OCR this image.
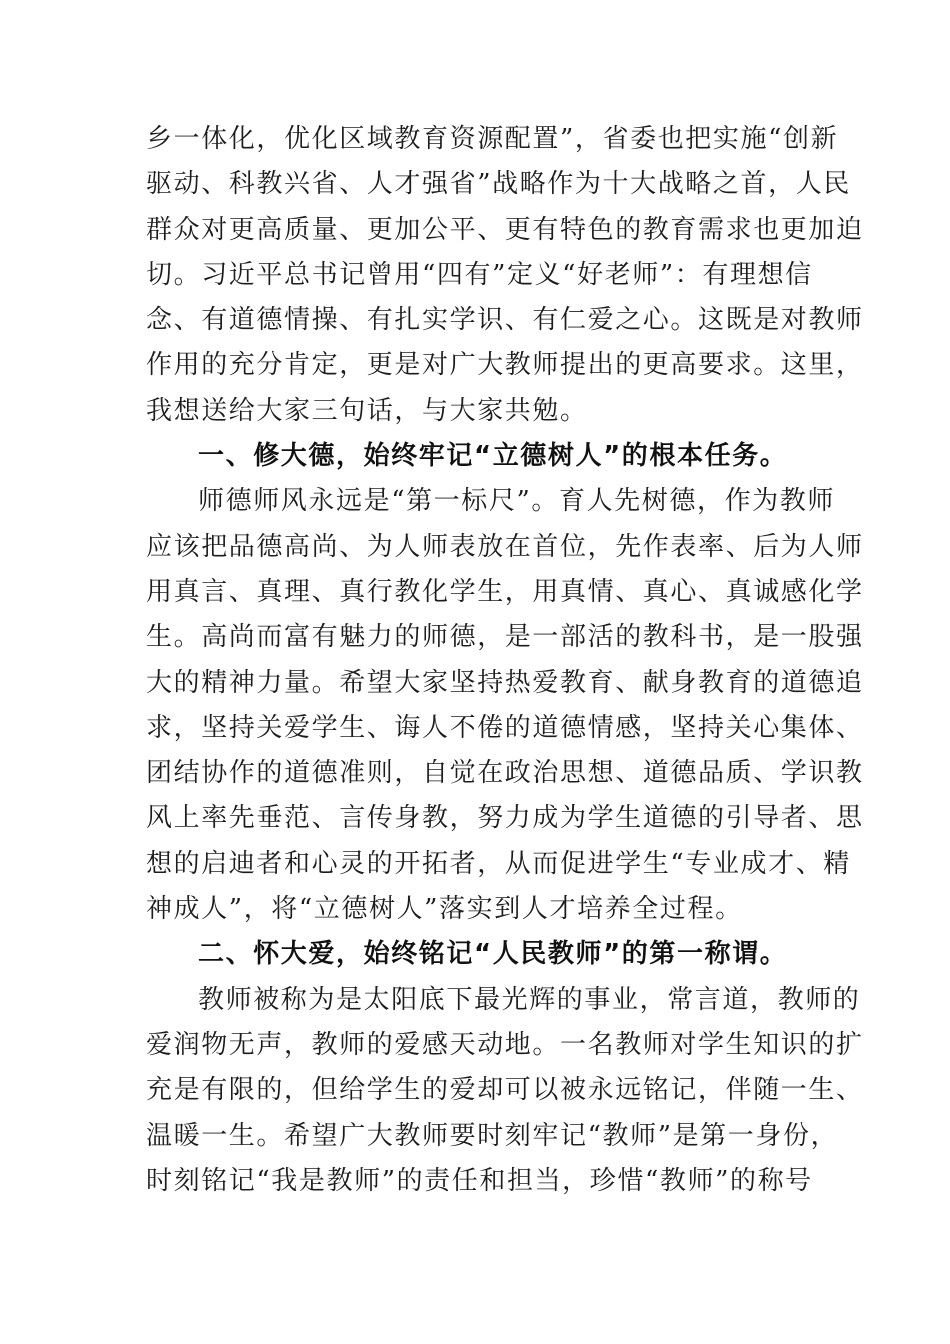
乡一体化，优化区域教育资源配置”，省委也把实施“创新
驱动、科教兴省、人才强省”战略作为十大战略之首，人民
群众对更高质量、更加公平、更有特色的教育需求也更加迫
切。习近平总书记曾用“四有”定义“好老师”：有理想信
念、有道德情操、有扎实学识、有仁爱之心。这既是对教师
作用的充分肯定，更是对广大教师提出的更高要求。这里，
我想送给大家三句话，与大家共勉。
一、修大德，始终牢记“立德树人”的根本任务。
师德师风永远是“第一标尺”。育人先树德，作为教师
应该把品德高尚、为人师表放在首位，先作表率、后为人师
用真言、真理、真行教化学生，用真情、真心、真诚感化学
生。高尚而富有魅力的师德，是一部活的教科书，是一股强
大的精神力量。希望大家坚持热爱教育、献身教育的道德追
求，坚持关爱学生、诲人不倦的道德情感，坚持关心集体、
团结协作的道德准则，自觉在政治思想、道德品质、学识教
风上率先垂范、言传身教，努力成为学生道德的引导者、思
想的启迪者和心灵的开拓者，从而促进学生“专业成才、精
神成人”，将“立德树人”落实到人才培养全过程。
二、怀大爱，始终铭记“人民教师”的第一称谓。
教师被称为是太阳底下最光辉的事业，常言道，教师的
爱润物无声，教师的爱感天动地。一名教师对学生知识的扩
充是有限的，但给学生的爱却可以被永远铭记，伴随一生、
温暖一生。希望广大教师要时刻牢记“教师”是第一身份，
时刻铭记“我是教师”的责任和担当，珍惜“教师”的称号
